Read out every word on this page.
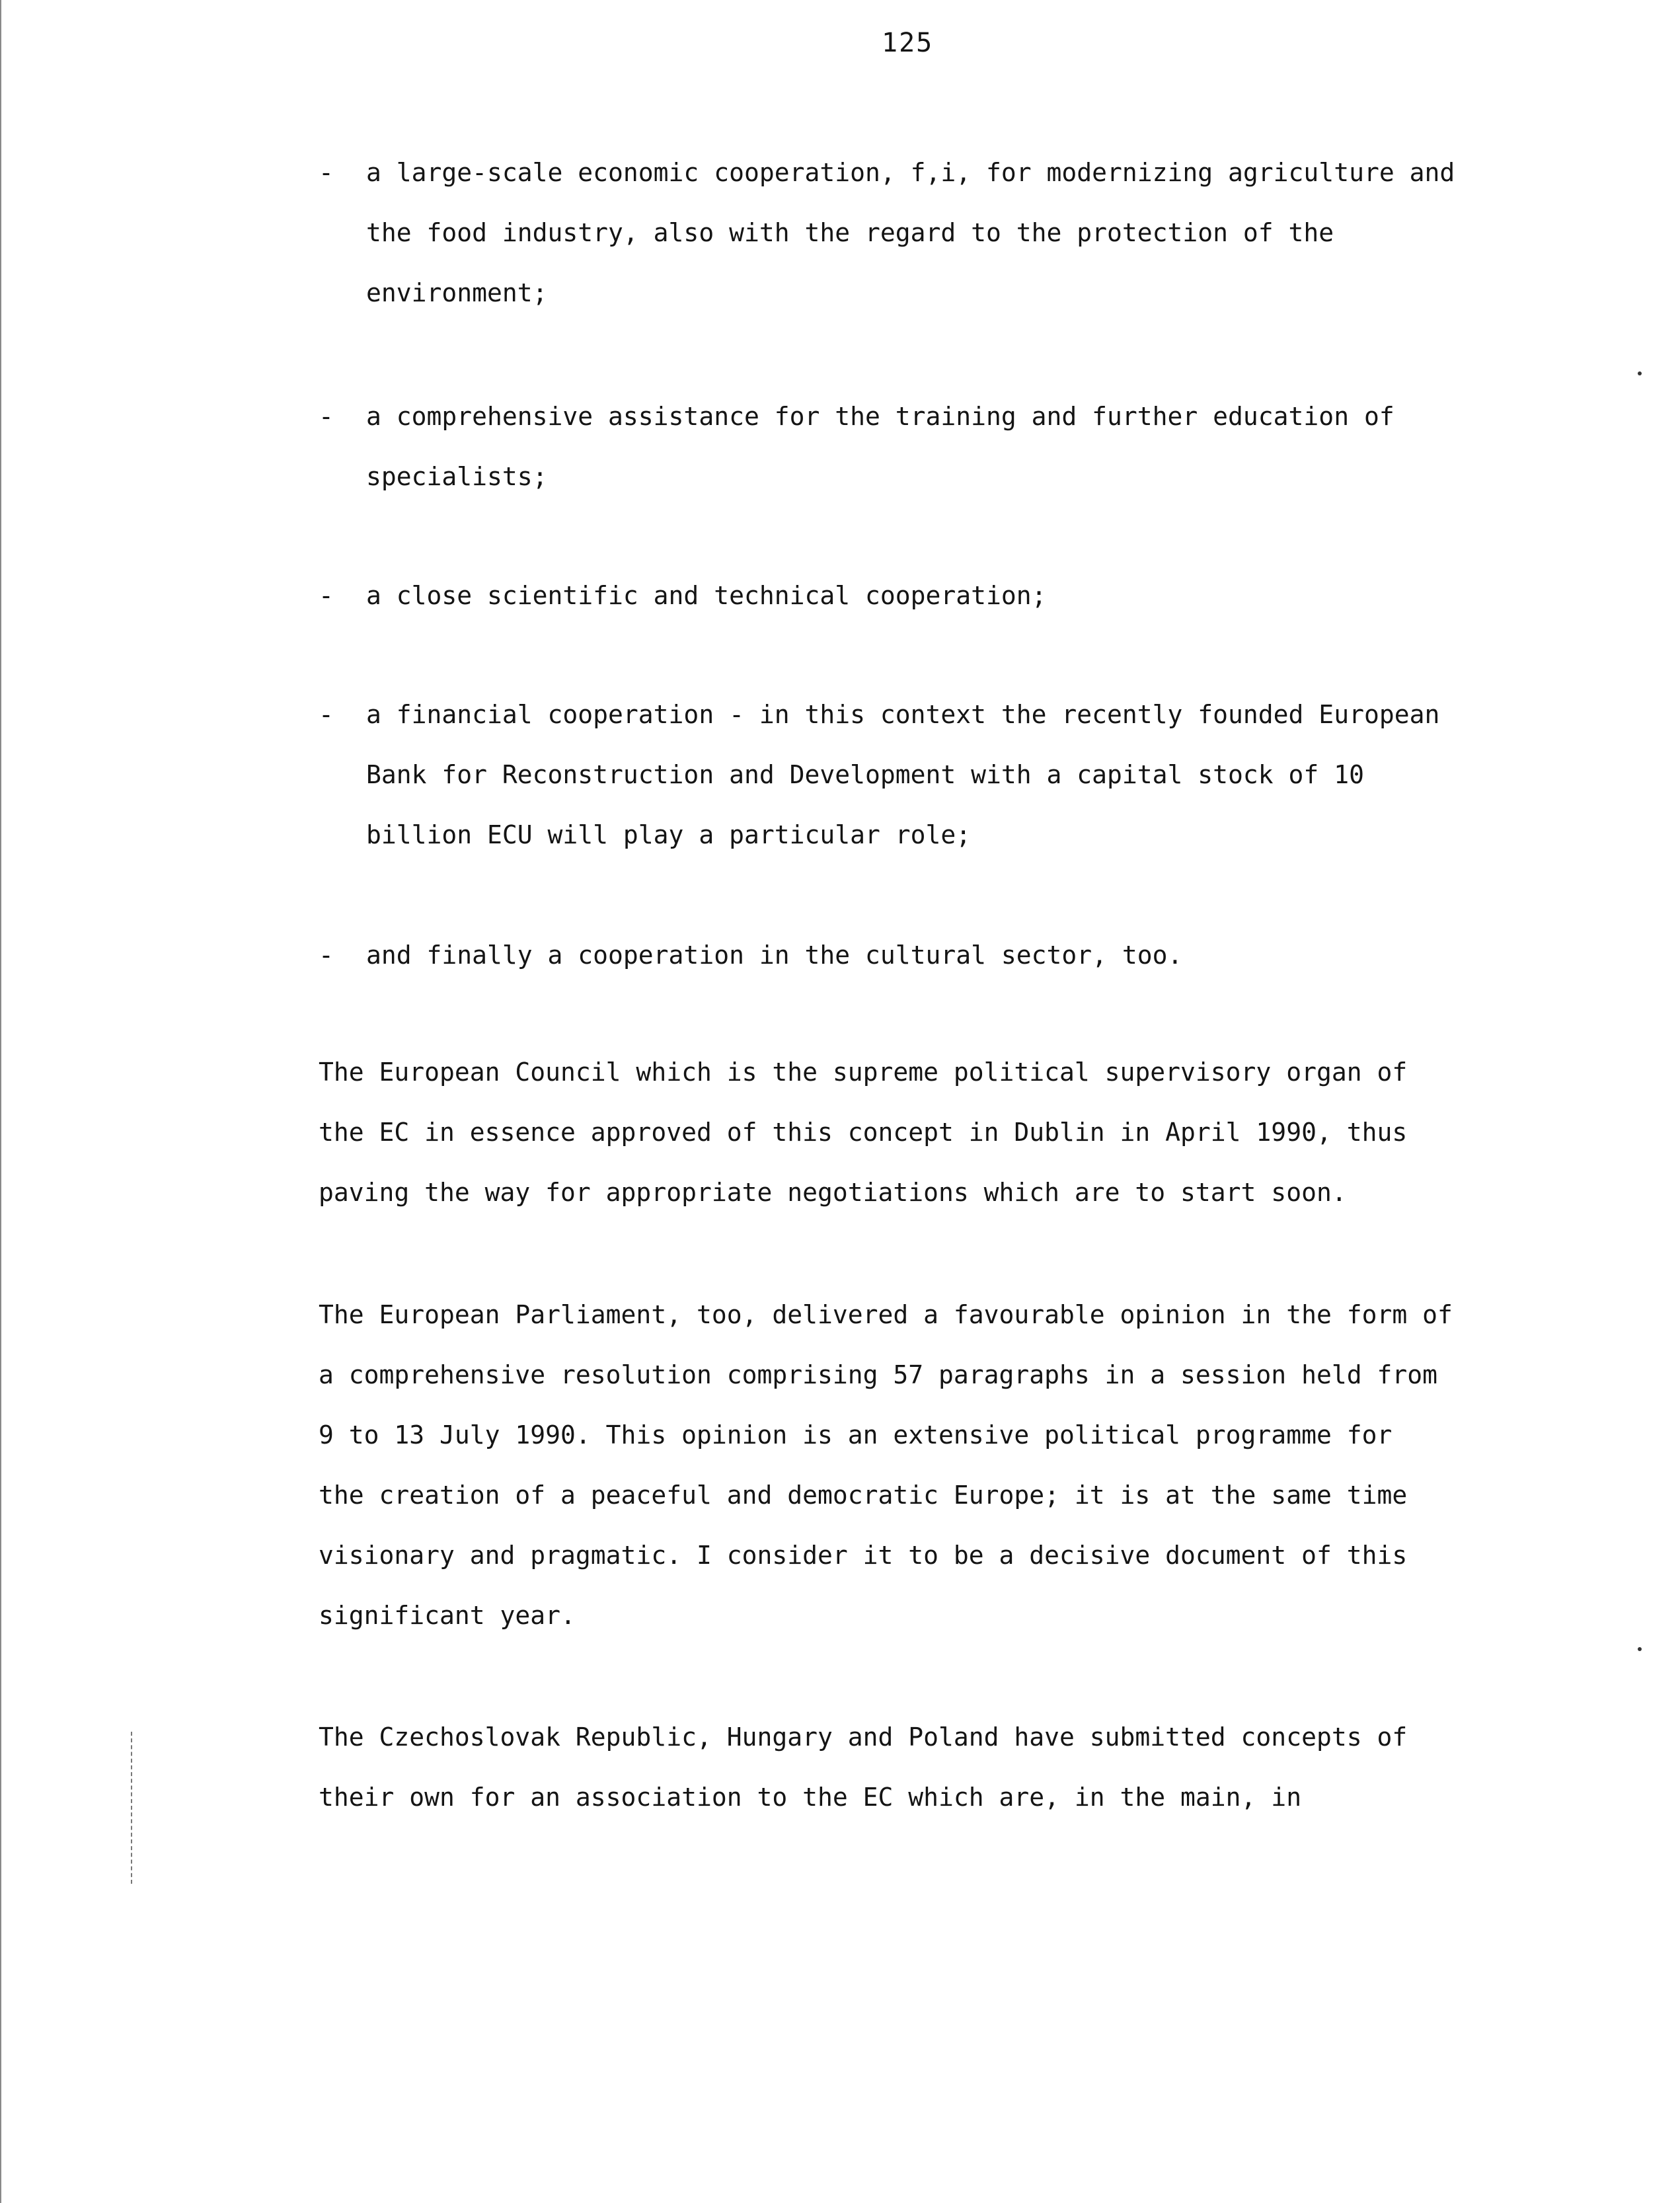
125
- a large-scale economic cooperation, f,i, for modernizing agriculture and
the food industry, also with the regard to the protection of the
environment;
- a comprehensive assistance for the training and further education of
specialists;
- a close scientific and technical cooperation;
- a financial cooperation - in this context the recently founded European
Bank for Reconstruction and Development with a capital stock of 10
billion ECU will play a particular role;
- and finally a cooperation in the cultural sector, too.
The European Council which is the supreme political supervisory organ of
the EC in essence approved of this concept in Dublin in April 1990, thus
paving the way for appropriate negotiations which are to start soon.
The European Parliament, too, delivered a favourable opinion in the form of
a comprehensive resolution comprising 57 paragraphs in a session held from
9 to 13 July 1990. This opinion is an extensive political programme for
the creation of a peaceful and democratic Europe; it is at the same time
visionary and pragmatic. I consider it to be a decisive document of this
significant year.
The Czechoslovak Republic, Hungary and Poland have submitted concepts of
their own for an association to the EC which are, in the main, in
